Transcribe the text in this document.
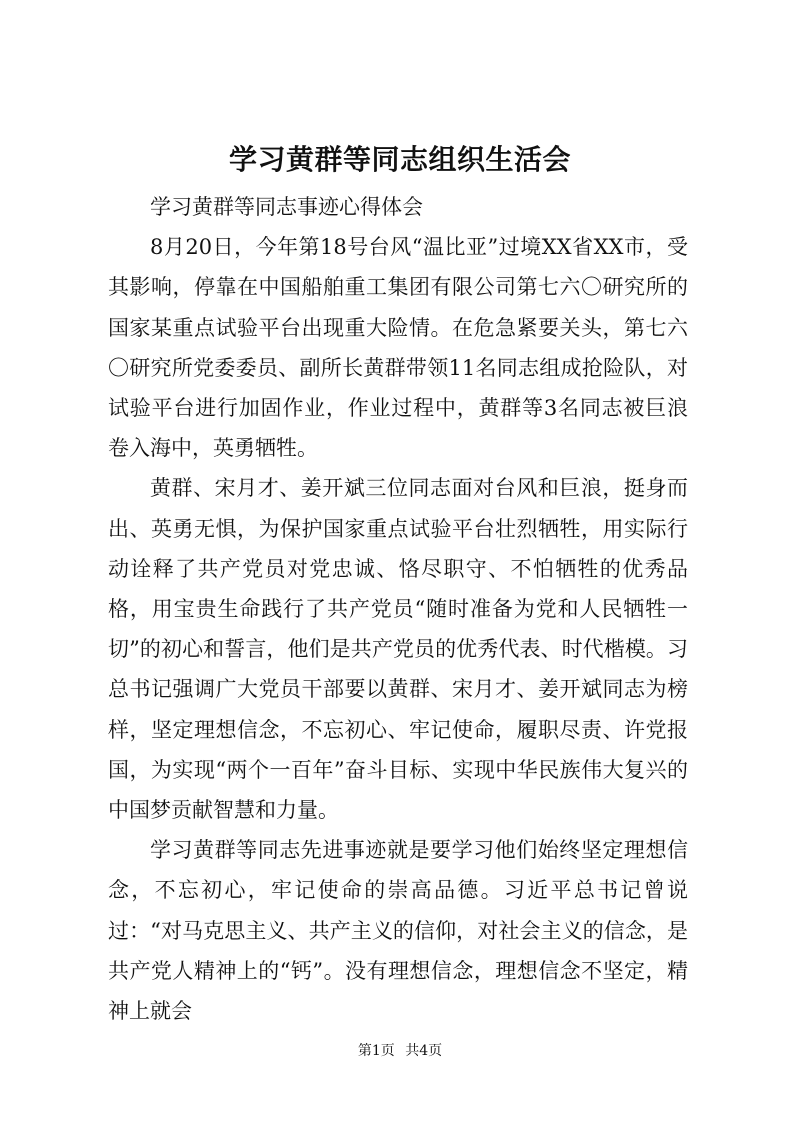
学习黄群等同志组织生活会

学习黄群等同志事迹心得体会

8月20日，今年第18号台风“温比亚”过境XX省XX市，受其影响，停靠在中国船舶重工集团有限公司第七六〇研究所的国家某重点试验平台出现重大险情。在危急紧要关头，第七六〇研究所党委委员、副所长黄群带领11名同志组成抢险队，对试验平台进行加固作业，作业过程中，黄群等3名同志被巨浪卷入海中，英勇牺牲。

黄群、宋月才、姜开斌三位同志面对台风和巨浪，挺身而出、英勇无惧，为保护国家重点试验平台壮烈牺牲，用实际行动诠释了共产党员对党忠诚、恪尽职守、不怕牺牲的优秀品格，用宝贵生命践行了共产党员“随时准备为党和人民牺牲一切”的初心和誓言，他们是共产党员的优秀代表、时代楷模。习总书记强调广大党员干部要以黄群、宋月才、姜开斌同志为榜样，坚定理想信念，不忘初心、牢记使命，履职尽责、许党报国，为实现“两个一百年”奋斗目标、实现中华民族伟大复兴的中国梦贡献智慧和力量。

学习黄群等同志先进事迹就是要学习他们始终坚定理想信念，不忘初心，牢记使命的崇高品德。习近平总书记曾说过：“对马克思主义、共产主义的信仰，对社会主义的信念，是共产党人精神上的“钙”。没有理想信念，理想信念不坚定，精神上就会

第1页 共4页
